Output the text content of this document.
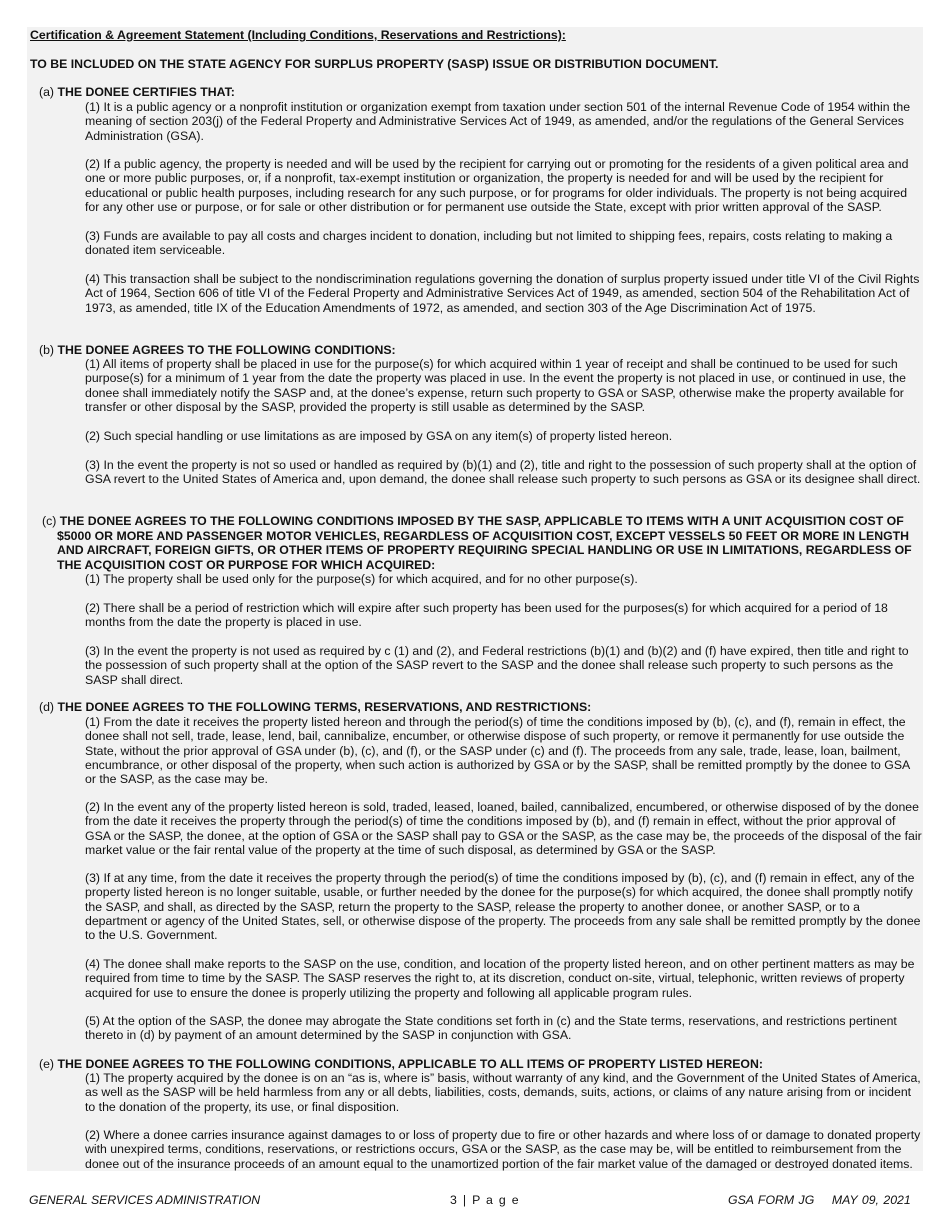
Certification & Agreement Statement (Including Conditions, Reservations and Restrictions):
TO BE INCLUDED ON THE STATE AGENCY FOR SURPLUS PROPERTY (SASP) ISSUE OR DISTRIBUTION DOCUMENT.
(a) THE DONEE CERTIFIES THAT:
(1) It is a public agency or a nonprofit institution or organization exempt from taxation under section 501 of the internal Revenue Code of 1954 within the meaning of section 203(j) of the Federal Property and Administrative Services Act of 1949, as amended, and/or the regulations of the General Services Administration (GSA).
(2) If a public agency, the property is needed and will be used by the recipient for carrying out or promoting for the residents of a given political area and one or more public purposes, or, if a nonprofit, tax-exempt institution or organization, the property is needed for and will be used by the recipient for educational or public health purposes, including research for any such purpose, or for programs for older individuals. The property is not being acquired for any other use or purpose, or for sale or other distribution or for permanent use outside the State, except with prior written approval of the SASP.
(3) Funds are available to pay all costs and charges incident to donation, including but not limited to shipping fees, repairs, costs relating to making a donated item serviceable.
(4) This transaction shall be subject to the nondiscrimination regulations governing the donation of surplus property issued under title VI of the Civil Rights Act of 1964, Section 606 of title VI of the Federal Property and Administrative Services Act of 1949, as amended, section 504 of the Rehabilitation Act of 1973, as amended, title IX of the Education Amendments of 1972, as amended, and section 303 of the Age Discrimination Act of 1975.
(b) THE DONEE AGREES TO THE FOLLOWING CONDITIONS:
(1) All items of property shall be placed in use for the purpose(s) for which acquired within 1 year of receipt and shall be continued to be used for such purpose(s) for a minimum of 1 year from the date the property was placed in use. In the event the property is not placed in use, or continued in use, the donee shall immediately notify the SASP and, at the donee’s expense, return such property to GSA or SASP, otherwise make the property available for transfer or other disposal by the SASP, provided the property is still usable as determined by the SASP.
(2) Such special handling or use limitations as are imposed by GSA on any item(s) of property listed hereon.
(3) In the event the property is not so used or handled as required by (b)(1) and (2), title and right to the possession of such property shall at the option of GSA revert to the United States of America and, upon demand, the donee shall release such property to such persons as GSA or its designee shall direct.
(c) THE DONEE AGREES TO THE FOLLOWING CONDITIONS IMPOSED BY THE SASP, APPLICABLE TO ITEMS WITH A UNIT ACQUISITION COST OF
$5000 OR MORE AND PASSENGER MOTOR VEHICLES, REGARDLESS OF ACQUISITION COST, EXCEPT VESSELS 50 FEET OR MORE IN LENGTH AND AIRCRAFT, FOREIGN GIFTS, OR OTHER ITEMS OF PROPERTY REQUIRING SPECIAL HANDLING OR USE IN LIMITATIONS, REGARDLESS OF THE ACQUISITION COST OR PURPOSE FOR WHICH ACQUIRED:
(1) The property shall be used only for the purpose(s) for which acquired, and for no other purpose(s).
(2) There shall be a period of restriction which will expire after such property has been used for the purposes(s) for which acquired for a period of 18 months from the date the property is placed in use.
(3) In the event the property is not used as required by c (1) and (2), and Federal restrictions (b)(1) and (b)(2) and (f) have expired, then title and right to the possession of such property shall at the option of the SASP revert to the SASP and the donee shall release such property to such persons as the SASP shall direct.
(d) THE DONEE AGREES TO THE FOLLOWING TERMS, RESERVATIONS, AND RESTRICTIONS:
(1) From the date it receives the property listed hereon and through the period(s) of time the conditions imposed by (b), (c), and (f), remain in effect, the donee shall not sell, trade, lease, lend, bail, cannibalize, encumber, or otherwise dispose of such property, or remove it permanently for use outside the State, without the prior approval of GSA under (b), (c), and (f), or the SASP under (c) and (f). The proceeds from any sale, trade, lease, loan, bailment, encumbrance, or other disposal of the property, when such action is authorized by GSA or by the SASP, shall be remitted promptly by the donee to GSA or the SASP, as the case may be.
(2) In the event any of the property listed hereon is sold, traded, leased, loaned, bailed, cannibalized, encumbered, or otherwise disposed of by the donee from the date it receives the property through the period(s) of time the conditions imposed by (b), and (f) remain in effect, without the prior approval of GSA or the SASP, the donee, at the option of GSA or the SASP shall pay to GSA or the SASP, as the case may be, the proceeds of the disposal of the fair market value or the fair rental value of the property at the time of such disposal, as determined by GSA or the SASP.
(3) If at any time, from the date it receives the property through the period(s) of time the conditions imposed by (b), (c), and (f) remain in effect, any of the property listed hereon is no longer suitable, usable, or further needed by the donee for the purpose(s) for which acquired, the donee shall promptly notify the SASP, and shall, as directed by the SASP, return the property to the SASP, release the property to another donee, or another SASP, or to a department or agency of the United States, sell, or otherwise dispose of the property. The proceeds from any sale shall be remitted promptly by the donee to the U.S. Government.
(4) The donee shall make reports to the SASP on the use, condition, and location of the property listed hereon, and on other pertinent matters as may be required from time to time by the SASP. The SASP reserves the right to, at its discretion, conduct on-site, virtual, telephonic, written reviews of property acquired for use to ensure the donee is properly utilizing the property and following all applicable program rules.
(5) At the option of the SASP, the donee may abrogate the State conditions set forth in (c) and the State terms, reservations, and restrictions pertinent thereto in (d) by payment of an amount determined by the SASP in conjunction with GSA.
(e) THE DONEE AGREES TO THE FOLLOWING CONDITIONS, APPLICABLE TO ALL ITEMS OF PROPERTY LISTED HEREON:
(1) The property acquired by the donee is on an “as is, where is” basis, without warranty of any kind, and the Government of the United States of America, as well as the SASP will be held harmless from any or all debts, liabilities, costs, demands, suits, actions, or claims of any nature arising from or incident to the donation of the property, its use, or final disposition.
(2) Where a donee carries insurance against damages to or loss of property due to fire or other hazards and where loss of or damage to donated property with unexpired terms, conditions, reservations, or restrictions occurs, GSA or the SASP, as the case may be, will be entitled to reimbursement from the donee out of the insurance proceeds of an amount equal to the unamortized portion of the fair market value of the damaged or destroyed donated items.
GENERAL SERVICES ADMINISTRATION	3 | P a g e	GSA FORM JG    MAY 09, 2021
